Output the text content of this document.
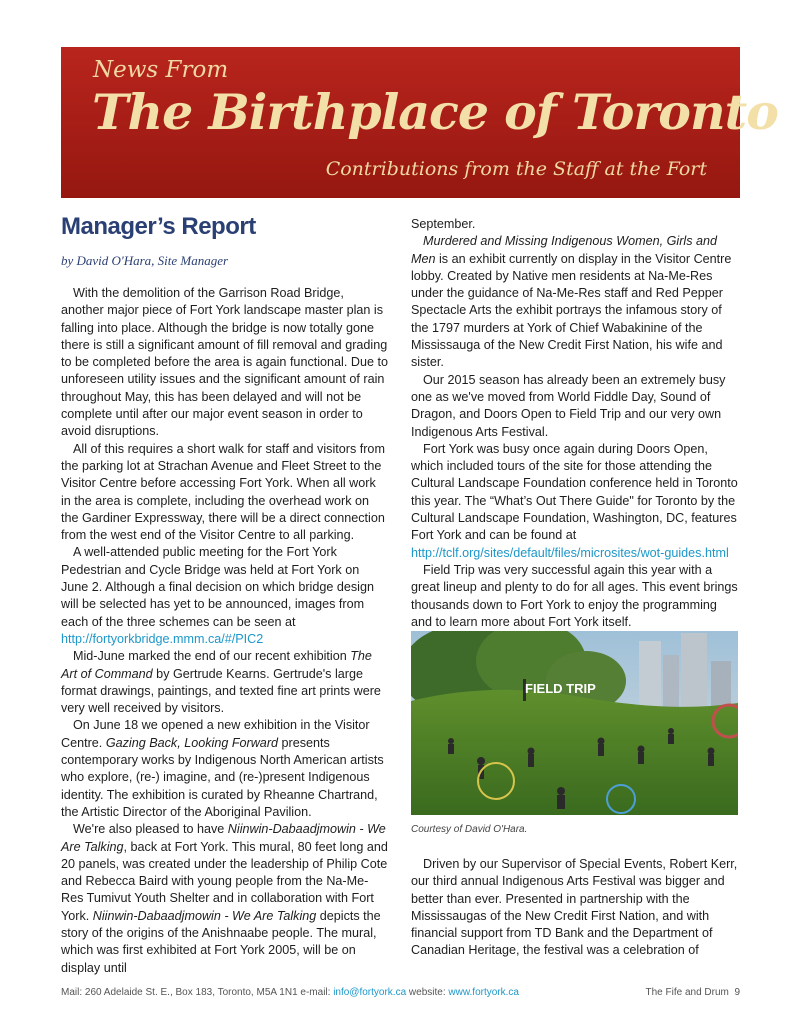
News From
The Birthplace of Toronto
Contributions from the Staff at the Fort
Manager’s Report
by David O'Hara, Site Manager

With the demolition of the Garrison Road Bridge, another major piece of Fort York landscape master plan is falling into place. Although the bridge is now totally gone there is still a significant amount of fill removal and grading to be completed before the area is again functional. Due to unforeseen utility issues and the significant amount of rain throughout May, this has been delayed and will not be complete until after our major event season in order to avoid disruptions.

All of this requires a short walk for staff and visitors from the parking lot at Strachan Avenue and Fleet Street to the Visitor Centre before accessing Fort York. When all work in the area is complete, including the overhead work on the Gardiner Expressway, there will be a direct connection from the west end of the Visitor Centre to all parking.

A well-attended public meeting for the Fort York Pedestrian and Cycle Bridge was held at Fort York on June 2. Although a final decision on which bridge design will be selected has yet to be announced, images from each of the three schemes can be seen at http://fortyorkbridge.mmm.ca/#/PIC2

Mid-June marked the end of our recent exhibition The Art of Command by Gertrude Kearns. Gertrude's large format drawings, paintings, and texted fine art prints were very well received by visitors.

On June 18 we opened a new exhibition in the Visitor Centre. Gazing Back, Looking Forward presents contemporary works by Indigenous North American artists who explore, (re-) imagine, and (re-)present Indigenous identity. The exhibition is curated by Rheanne Chartrand, the Artistic Director of the Aboriginal Pavilion.

We're also pleased to have Niinwin-Dabaadjmowin - We Are Talking, back at Fort York. This mural, 80 feet long and 20 panels, was created under the leadership of Philip Cote and Rebecca Baird with young people from the Na-Me-Res Tumivut Youth Shelter and in collaboration with Fort York. Niinwin-Dabaadjmowin - We Are Talking depicts the story of the origins of the Anishnaabe people. The mural, which was first exhibited at Fort York 2005, will be on display until

September.

Murdered and Missing Indigenous Women, Girls and Men is an exhibit currently on display in the Visitor Centre lobby. Created by Native men residents at Na-Me-Res under the guidance of Na-Me-Res staff and Red Pepper Spectacle Arts the exhibit portrays the infamous story of the 1797 murders at York of Chief Wabakinine of the Mississauga of the New Credit First Nation, his wife and sister.

Our 2015 season has already been an extremely busy one as we've moved from World Fiddle Day, Sound of Dragon, and Doors Open to Field Trip and our very own Indigenous Arts Festival.

Fort York was busy once again during Doors Open, which included tours of the site for those attending the Cultural Landscape Foundation conference held in Toronto this year. The “What’s Out There Guide" for Toronto by the Cultural Landscape Foundation, Washington, DC, features Fort York and can be found at http://tclf.org/sites/default/files/microsites/wot-guides.html

Field Trip was very successful again this year with a great lineup and plenty to do for all ages. This event brings thousands down to Fort York to enjoy the programming and to learn more about Fort York itself.

FIELD TRIP
Courtesy of David O'Hara.

Driven by our Supervisor of Special Events, Robert Kerr, our third annual Indigenous Arts Festival was bigger and better than ever. Presented in partnership with the Mississaugas of the New Credit First Nation, and with financial support from TD Bank and the Department of Canadian Heritage, the festival was a celebration of

Mail: 260 Adelaide St. E., Box 183, Toronto, M5A 1N1 e-mail: info@fortyork.ca website: www.fortyork.ca	The Fife and Drum 9
